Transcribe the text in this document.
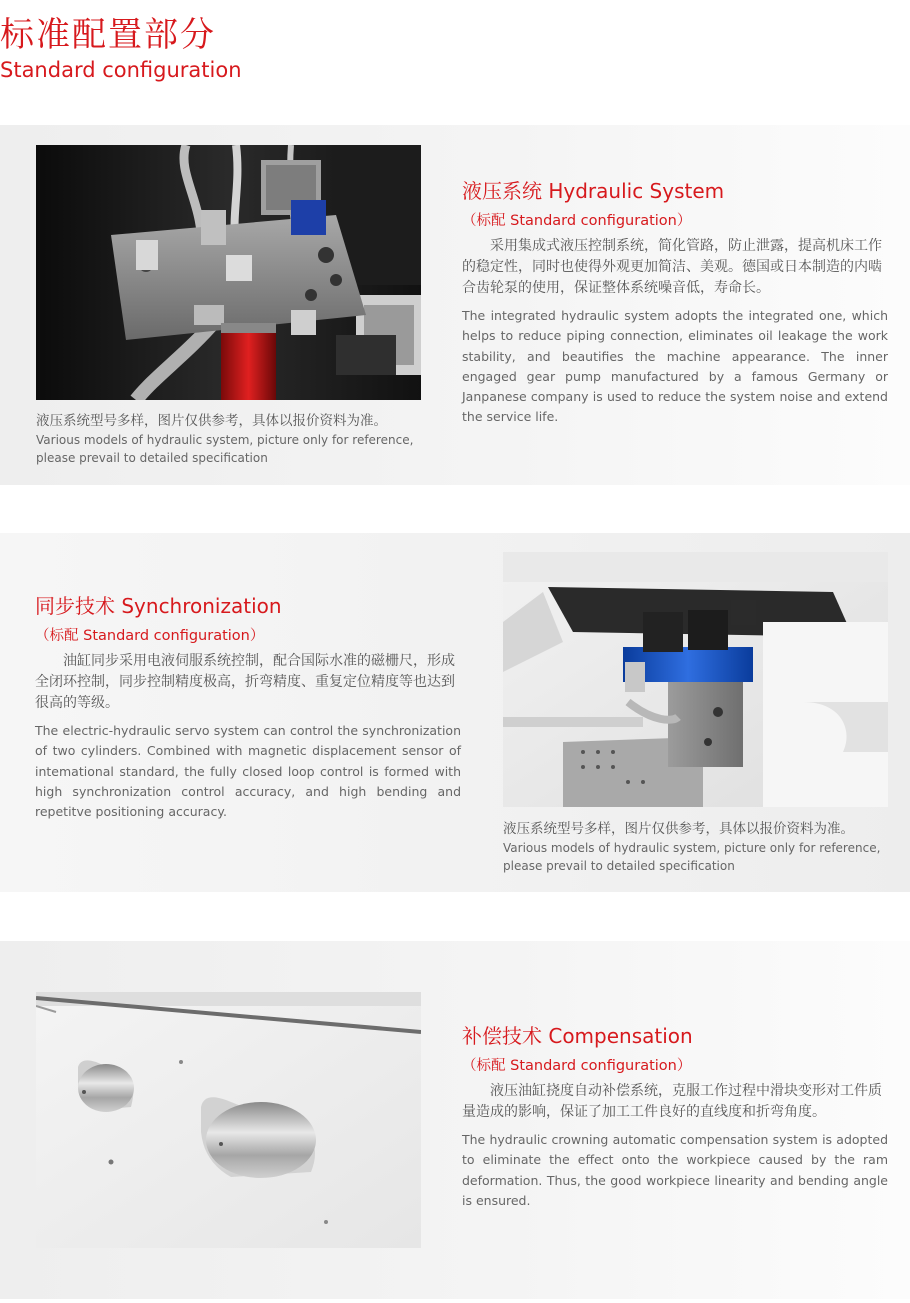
标准配置部分
Standard configuration
液压系统型号多样，图片仅供参考，具体以报价资料为准。
Various models of hydraulic system, picture only for reference, please prevail to detailed specification
液压系统 Hydraulic System
（标配 Standard configuration）
采用集成式液压控制系统，简化管路，防止泄露，提高机床工作的稳定性，同时也使得外观更加简洁、美观。德国或日本制造的内啮合齿轮泵的使用，保证整体系统噪音低，寿命长。
The integrated hydraulic system adopts the integrated one, which helps to reduce piping connection, eliminates oil leakage the work stability, and beautifies the machine appearance. The inner engaged gear pump manufactured by a famous Germany or Janpanese company is used to reduce the system noise and extend the service life.
同步技术 Synchronization
（标配 Standard configuration）
油缸同步采用电液伺服系统控制，配合国际水准的磁栅尺，形成全闭环控制，同步控制精度极高，折弯精度、重复定位精度等也达到很高的等级。
The electric-hydraulic servo system can control the synchronization of two cylinders. Combined with magnetic displacement sensor of intemational standard, the fully closed loop control is formed with high synchronization control accuracy, and high bending and repetitve positioning accuracy.
液压系统型号多样，图片仅供参考，具体以报价资料为准。
Various models of hydraulic system, picture only for reference, please prevail to detailed specification
补偿技术 Compensation
（标配 Standard configuration）
液压油缸挠度自动补偿系统，克服工作过程中滑块变形对工件质量造成的影响，保证了加工工件良好的直线度和折弯角度。
The hydraulic crowning automatic compensation system is adopted to eliminate the effect onto the workpiece caused by the ram deformation. Thus, the good workpiece linearity and bending angle is ensured.
